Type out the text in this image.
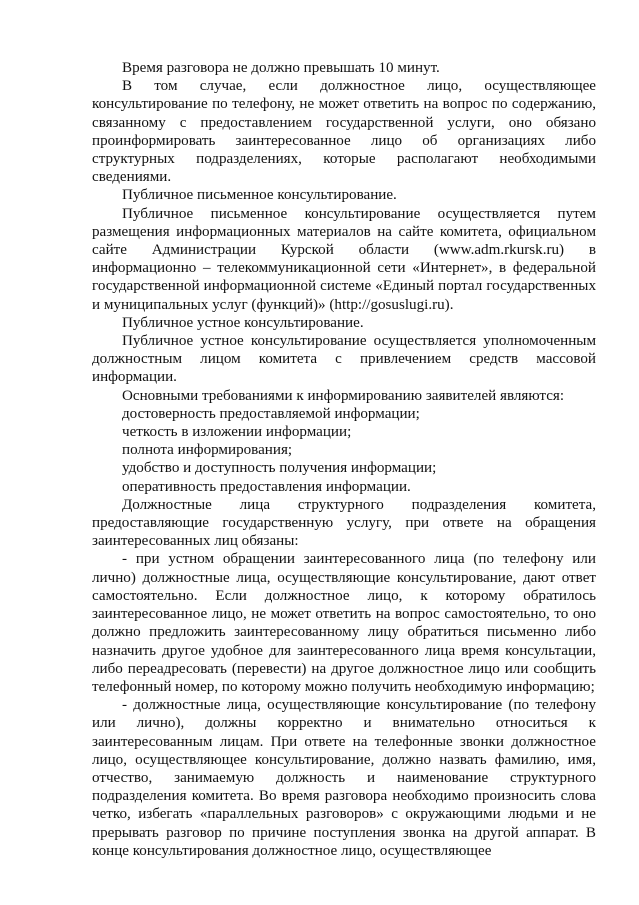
Время разговора не должно превышать 10 минут.

В том случае, если должностное лицо, осуществляющее консультирование по телефону, не может ответить на вопрос по содержанию, связанному с предоставлением государственной услуги, оно обязано проинформировать заинтересованное лицо об организациях либо структурных подразделениях, которые располагают необходимыми сведениями.

Публичное письменное консультирование.

Публичное письменное консультирование осуществляется путем размещения информационных материалов на сайте комитета, официальном сайте Администрации Курской области (www.adm.rkursk.ru) в информационно – телекоммуникационной сети «Интернет», в федеральной государственной информационной системе «Единый портал государственных и муниципальных услуг (функций)» (http://gosuslugi.ru).

Публичное устное консультирование.

Публичное устное консультирование осуществляется уполномоченным должностным лицом комитета с привлечением средств массовой информации.

Основными требованиями к информированию заявителей являются:

достоверность предоставляемой информации;

четкость в изложении информации;

полнота информирования;

удобство и доступность получения информации;

оперативность предоставления информации.

Должностные лица структурного подразделения комитета, предоставляющие государственную услугу, при ответе на обращения заинтересованных лиц обязаны:

- при устном обращении заинтересованного лица (по телефону или лично) должностные лица, осуществляющие консультирование, дают ответ самостоятельно. Если должностное лицо, к которому обратилось заинтересованное лицо, не может ответить на вопрос самостоятельно, то оно должно предложить заинтересованному лицу обратиться письменно либо назначить другое удобное для заинтересованного лица время консультации, либо переадресовать (перевести) на другое должностное лицо или сообщить телефонный номер, по которому можно получить необходимую информацию;

- должностные лица, осуществляющие консультирование (по телефону или лично), должны корректно и внимательно относиться к заинтересованным лицам. При ответе на телефонные звонки должностное лицо, осуществляющее консультирование, должно назвать фамилию, имя, отчество, занимаемую должность и наименование структурного подразделения комитета. Во время разговора необходимо произносить слова четко, избегать «параллельных разговоров» с окружающими людьми и не прерывать разговор по причине поступления звонка на другой аппарат. В конце консультирования должностное лицо, осуществляющее
